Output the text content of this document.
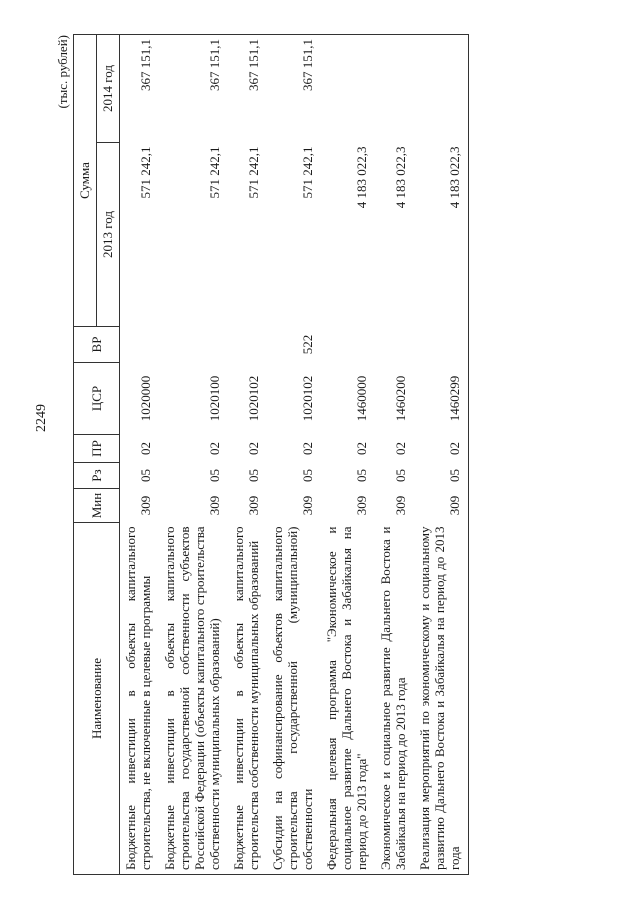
2249
(тыс. рублей)
Наименование	Мин	Рз	ПР	ЦСР	ВР	Сумма	
						2013 год	2014 год
Бюджетные инвестиции в объекты капитального строительства, не включенные в целевые программы	309	05	02	1020000		571 242,1	367 151,1
Бюджетные инвестиции в объекты капитального строительства государственной собственности субъектов Российской Федерации (объекты капитального строительства собственности муниципальных образований)	309	05	02	1020100		571 242,1	367 151,1
Бюджетные инвестиции в объекты капитального строительства собственности муниципальных образований	309	05	02	1020102		571 242,1	367 151,1
Субсидии на софинансирование объектов капитального строительства государственной (муниципальной) собственности	309	05	02	1020102	522	571 242,1	367 151,1
Федеральная целевая программа "Экономическое и социальное развитие Дальнего Востока и Забайкалья на период до 2013 года"	309	05	02	1460000		4 183 022,3	
Экономическое и социальное развитие Дальнего Востока и Забайкалья на период до 2013 года	309	05	02	1460200		4 183 022,3	
Реализация мероприятий по экономическому и социальному развитию Дальнего Востока и Забайкалья на период до 2013 года	309	05	02	1460299		4 183 022,3	
